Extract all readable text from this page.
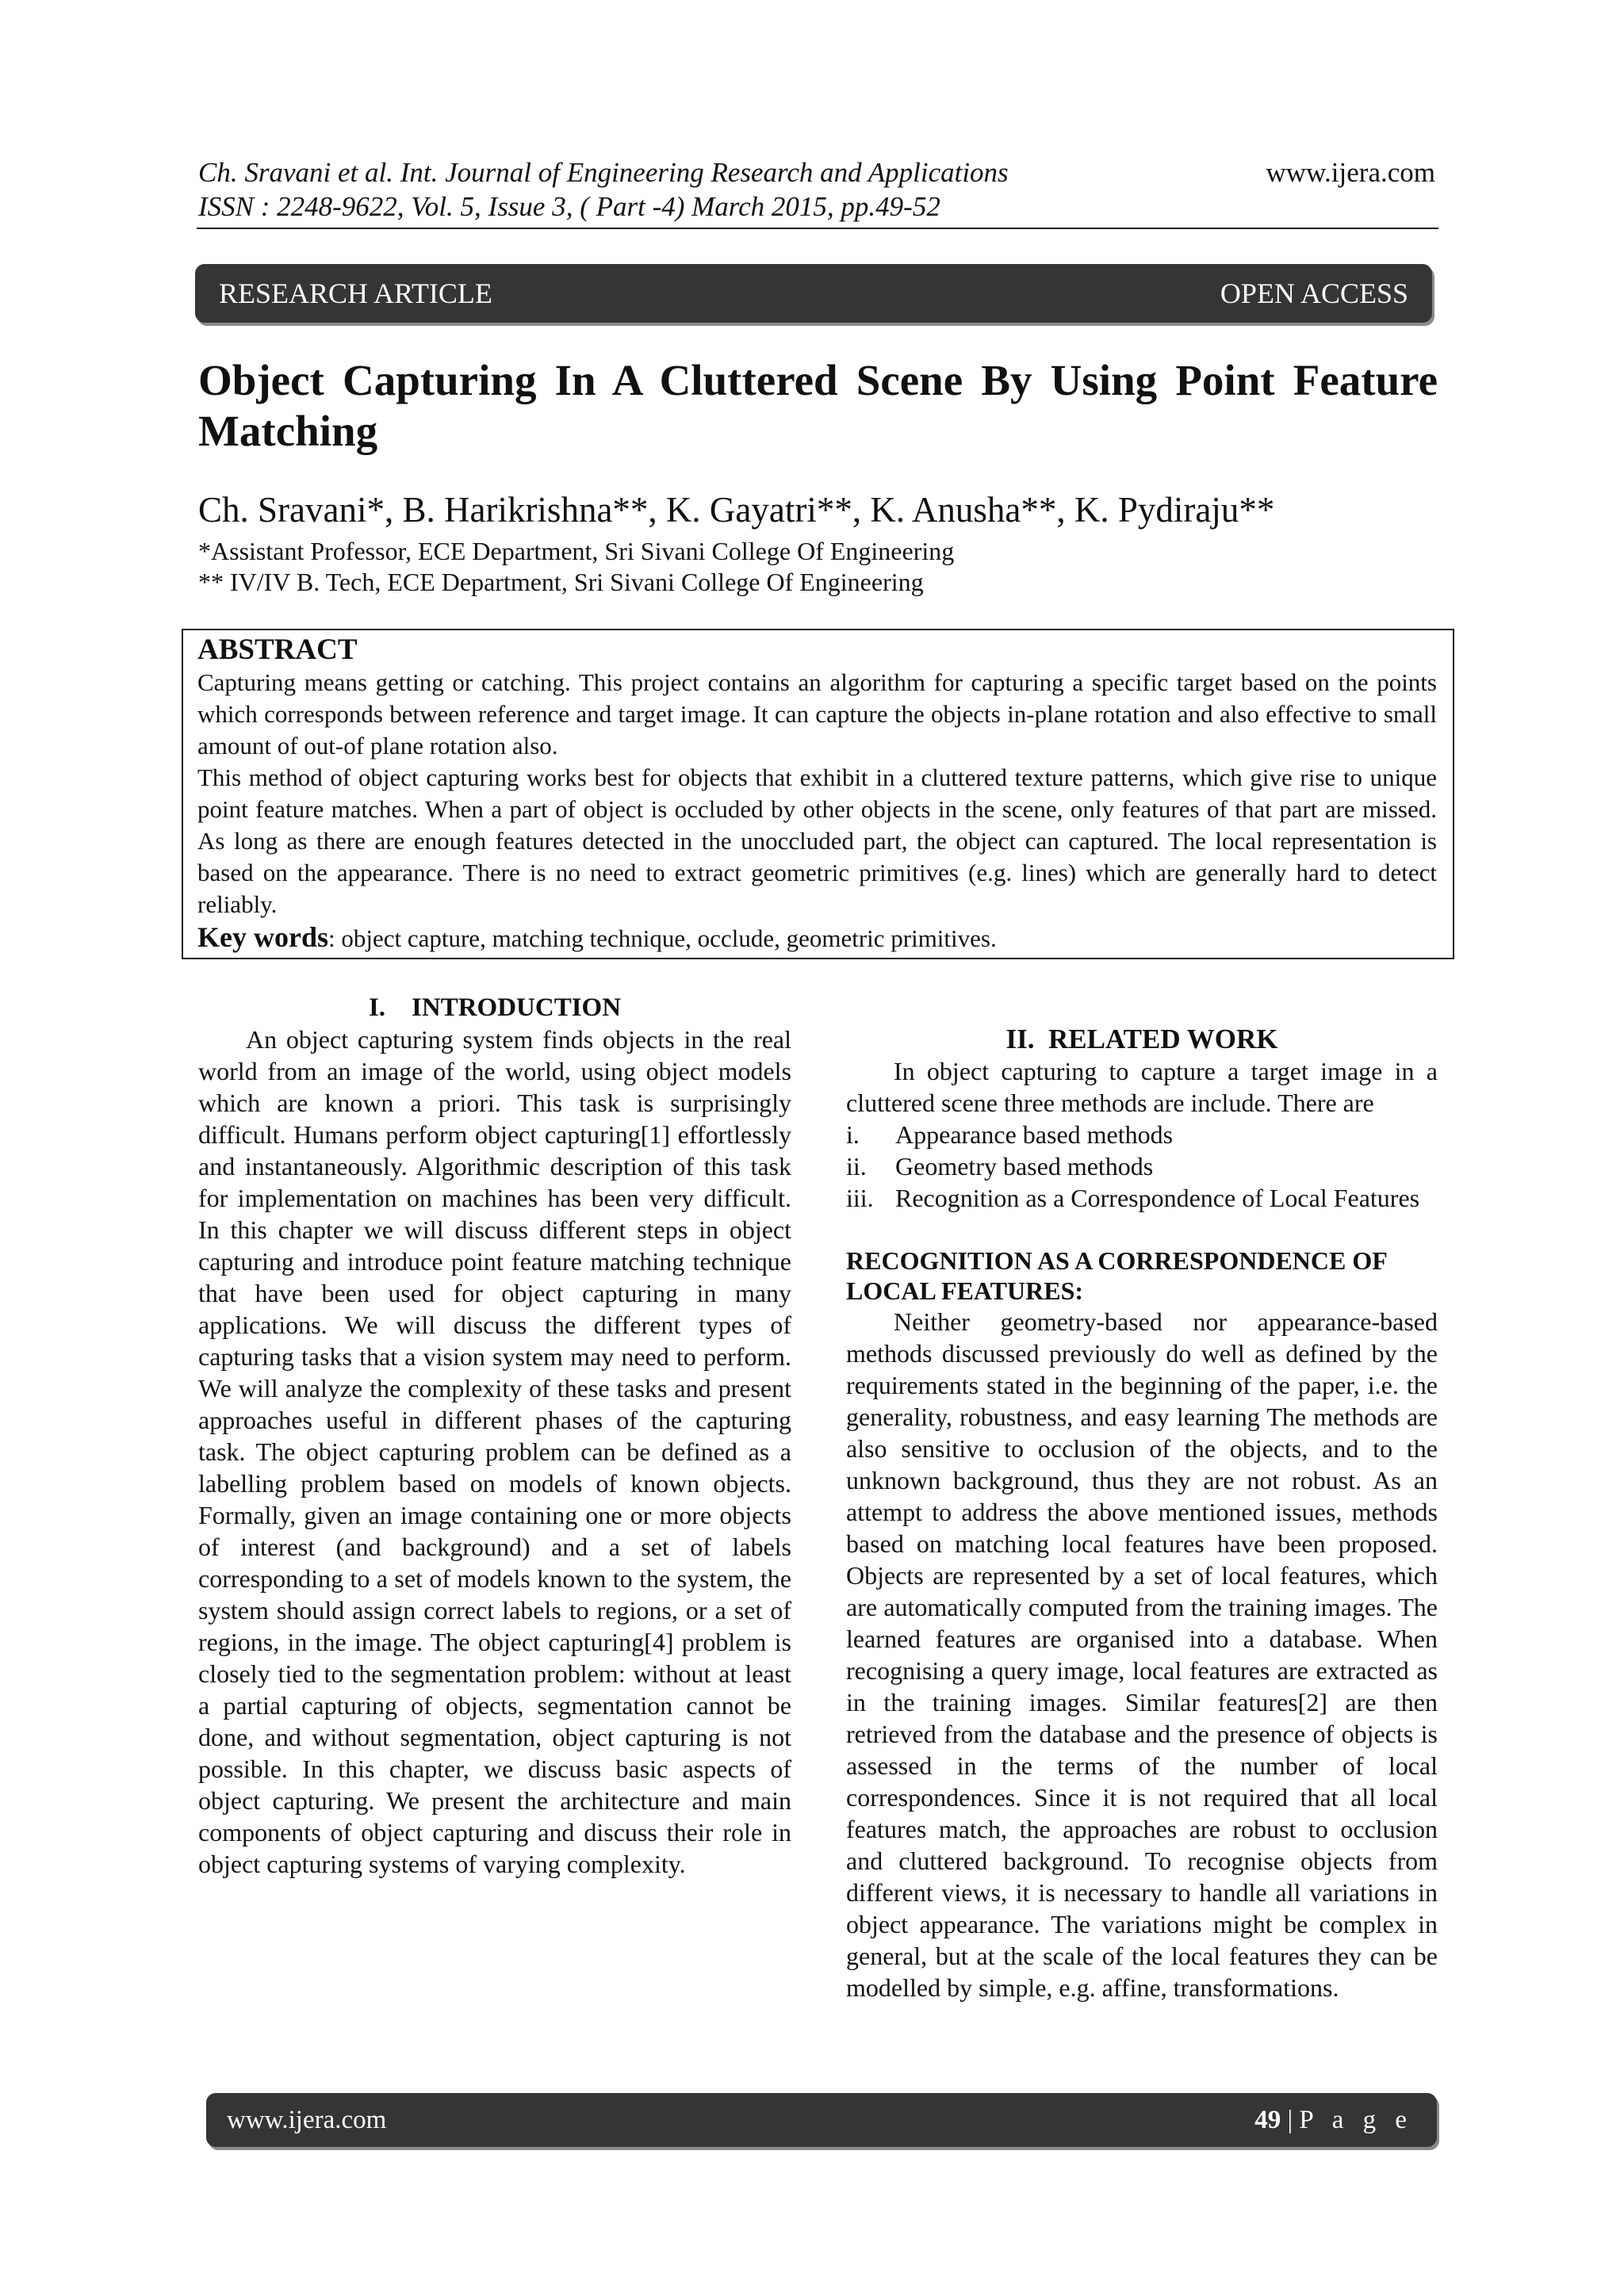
Ch. Sravani et al. Int. Journal of Engineering Research and Applications
ISSN : 2248-9622, Vol. 5, Issue 3, ( Part -4) March 2015, pp.49-52
www.ijera.com
RESEARCH ARTICLE	OPEN ACCESS
Object Capturing In A Cluttered Scene By Using Point Feature Matching
Ch. Sravani*, B. Harikrishna**, K. Gayatri**, K. Anusha**, K. Pydiraju**
*Assistant Professor, ECE Department, Sri Sivani College Of Engineering
** IV/IV B. Tech, ECE Department, Sri Sivani College Of Engineering
ABSTRACT

Capturing means getting or catching. This project contains an algorithm for capturing a specific target based on the points which corresponds between reference and target image. It can capture the objects in-plane rotation and also effective to small amount of out-of plane rotation also.

This method of object capturing works best for objects that exhibit in a cluttered texture patterns, which give rise to unique point feature matches. When a part of object is occluded by other objects in the scene, only features of that part are missed. As long as there are enough features detected in the unoccluded part, the object can captured. The local representation is based on the appearance. There is no need to extract geometric primitives (e.g. lines) which are generally hard to detect reliably.

Key words: object capture, matching technique, occlude, geometric primitives.
I.    INTRODUCTION

An object capturing system finds objects in the real world from an image of the world, using object models which are known a priori. This task is surprisingly difficult. Humans perform object capturing[1] effortlessly and instantaneously. Algorithmic description of this task for implementation on machines has been very difficult. In this chapter we will discuss different steps in object capturing and introduce point feature matching technique that have been used for object capturing in many applications. We will discuss the different types of capturing tasks that a vision system may need to perform. We will analyze the complexity of these tasks and present approaches useful in different phases of the capturing task. The object capturing problem can be defined as a labelling problem based on models of known objects. Formally, given an image containing one or more objects of interest (and background) and a set of labels corresponding to a set of models known to the system, the system should assign correct labels to regions, or a set of regions, in the image. The object capturing[4] problem is closely tied to the segmentation problem: without at least a partial capturing of objects, segmentation cannot be done, and without segmentation, object capturing is not possible. In this chapter, we discuss basic aspects of object capturing. We present the architecture and main components of object capturing and discuss their role in object capturing systems of varying complexity.

II.  RELATED WORK

In object capturing to capture a target image in a cluttered scene three methods are include. There are

i.	Appearance based methods
ii.	Geometry based methods
iii. Recognition as a Correspondence of Local Features
RECOGNITION AS A CORRESPONDENCE OF LOCAL FEATURES:

Neither geometry-based nor appearance-based methods discussed previously do well as defined by the requirements stated in the beginning of the paper, i.e. the generality, robustness, and easy learning The methods are also sensitive to occlusion of the objects, and to the unknown background, thus they are not robust. As an attempt to address the above mentioned issues, methods based on matching local features have been proposed. Objects are represented by a set of local features, which are automatically computed from the training images. The learned features are organised into a database. When recognising a query image, local features are extracted as in the training images. Similar features[2] are then retrieved from the database and the presence of objects is assessed in the terms of the number of local correspondences. Since it is not required that all local features match, the approaches are robust to occlusion and cluttered background. To recognise objects from different views, it is necessary to handle all variations in object appearance. The variations might be complex in general, but at the scale of the local features they can be modelled by simple, e.g. affine, transformations.

www.ijera.com	49 | P a g e
